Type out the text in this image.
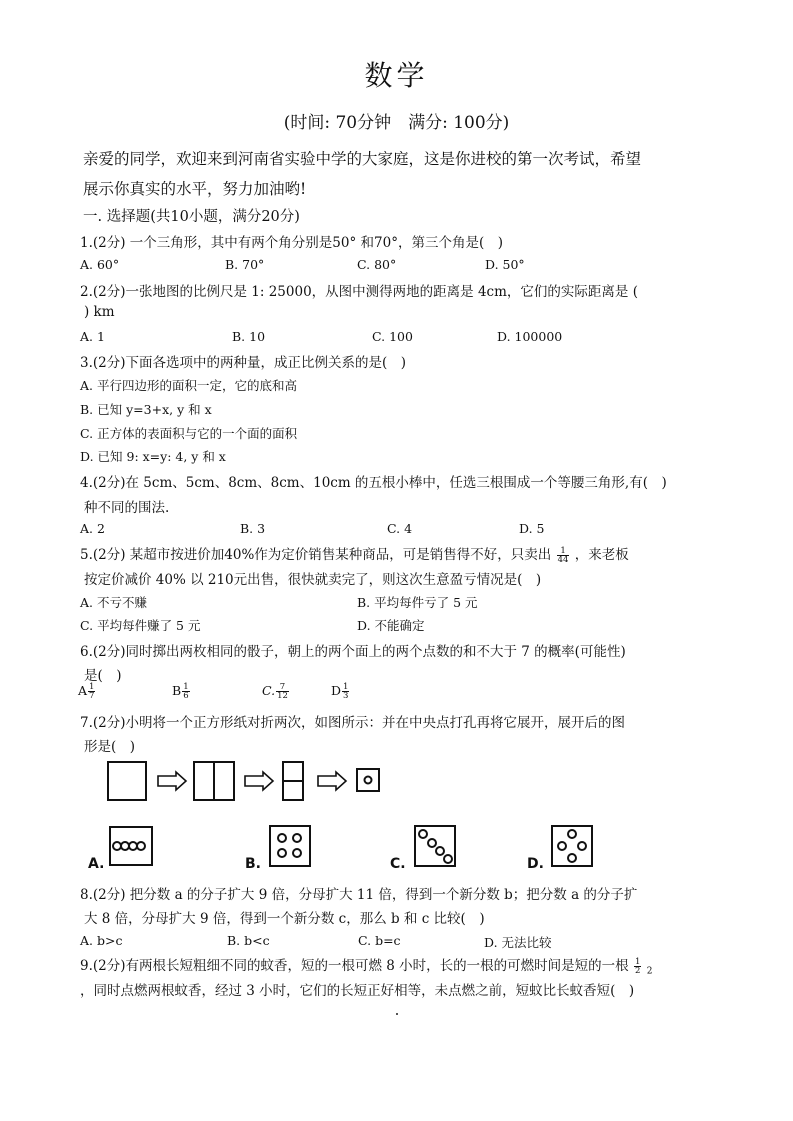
数学
(时间: 70分钟　满分: 100分)
亲爱的同学，欢迎来到河南省实验中学的大家庭，这是你进校的第一次考试，希望
展示你真实的水平，努力加油哟!
一. 选择题(共10小题，满分20分)
1.(2分) 一个三角形，其中有两个角分别是50° 和70°，第三个角是(　)
A. 60°	B. 70°	C. 80°	D. 50°
2.(2分)一张地图的比例尺是 1: 25000，从图中测得两地的距离是 4cm，它们的实际距离是 (
) km
A. 1	B. 10	C. 100	D. 100000
3.(2分)下面各选项中的两种量，成正比例关系的是(　)
A. 平行四边形的面积一定，它的底和高
B. 已知 y=3+x, y 和 x
C. 正方体的表面积与它的一个面的面积
D. 已知 9: x=y: 4, y 和 x
4.(2分)在 5cm、5cm、8cm、8cm、10cm 的五根小棒中，任选三根围成一个等腰三角形,有(　)
种不同的围法.
A. 2	B. 3	C. 4	D. 5
5.(2分) 某超市按进价加40%作为定价销售某种商品，可是销售得不好，只卖出 $\frac{1}{44}$ ，来老板
按定价减价 40% 以 210元出售，很快就卖完了，则这次生意盈亏情况是(　)
A. 不亏不赚	B. 平均每件亏了 5 元
C. 平均每件赚了 5 元	D. 不能确定
6.(2分)同时掷出两枚相同的骰子，朝上的两个面上的两个点数的和不大于 7 的概率(可能性)
是(　)
A $\frac{1}{7}$	B $\frac{1}{6}$	C. $\frac{7}{12}$	D $\frac{1}{3}$
7.(2分)小明将一个正方形纸对折两次，如图所示：并在中央点打孔再将它展开，展开后的图
形是(　)
A.	B.	C.	D.
8.(2分) 把分数 a 的分子扩大 9 倍，分母扩大 11 倍，得到一个新分数 b；把分数 a 的分子扩
大 8 倍，分母扩大 9 倍，得到一个新分数 c，那么 b 和 c 比较(　)
A. b>c	B. b<c	C. b=c	D. 无法比较
9.(2分)有两根长短粗细不同的蚊香，短的一根可燃 8 小时，长的一根的可燃时间是短的一根 $\frac{1}{2} _2$
，同时点燃两根蚊香，经过 3 小时，它们的长短正好相等，未点燃之前，短蚊比长蚊香短(　)
